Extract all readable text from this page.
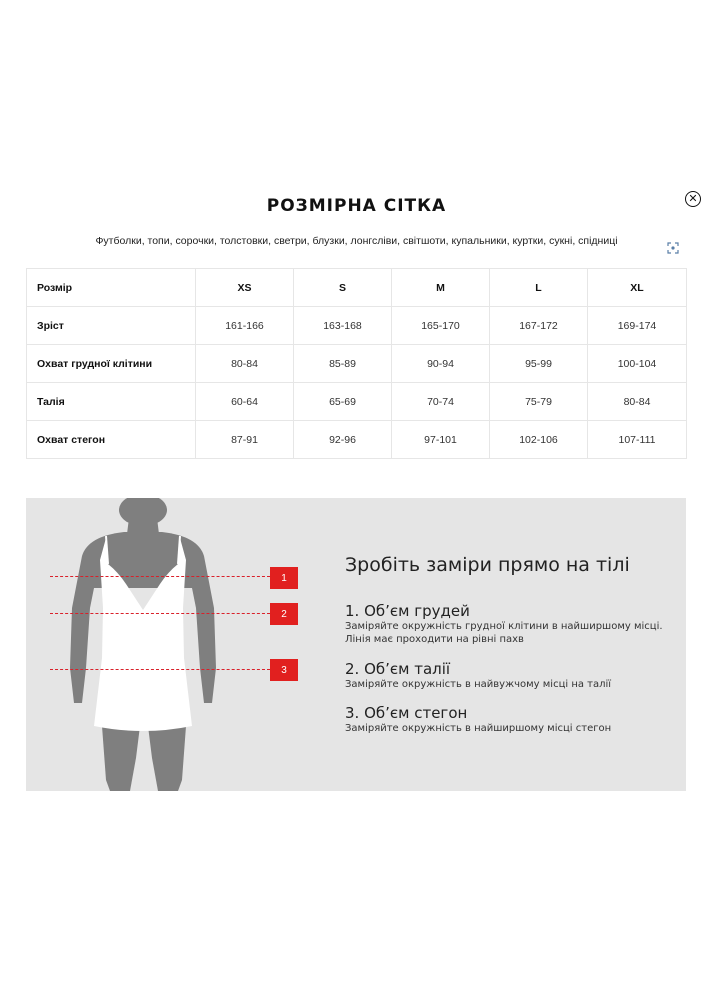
✕
РОЗМІРНА СІТКА
Футболки, топи, сорочки, толстовки, светри, блузки, лонгсліви, світшоти, купальники, куртки, сукні, спідниці
Розмір	XS	S	M	L	XL
Зріст	161-166	163-168	165-170	167-172	169-174
Охват грудної клітини	80-84	85-89	90-94	95-99	100-104
Талія	60-64	65-69	70-74	75-79	80-84
Охват стегон	87-91	92-96	97-101	102-106	107-111
1
2
3
Зробіть заміри прямо на тілі
1. Об’єм грудей
Заміряйте окружність грудної клітини в найширшому місці.
Лінія має проходити на рівні пахв
2. Об’єм талії
Заміряйте окружність в найвужчому місці на талії
3. Об’єм стегон
Заміряйте окружність в найширшому місці стегон
